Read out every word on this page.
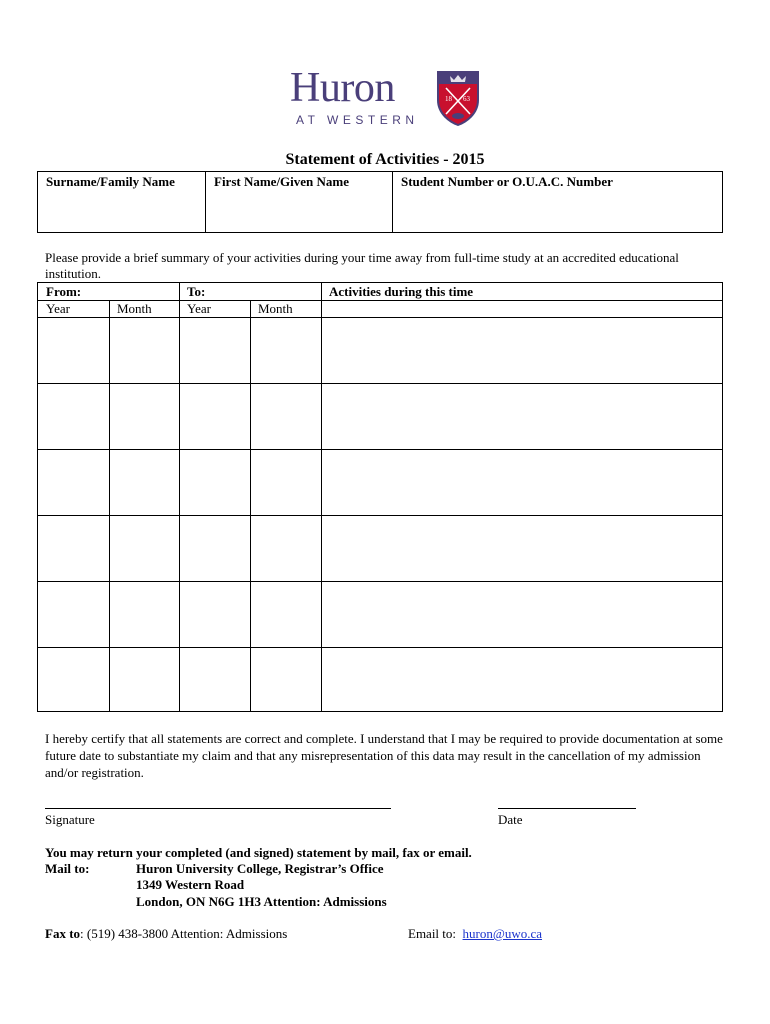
Huron
AT WESTERN
18 63
Statement of Activities - 2015
Surname/Family Name	First Name/Given Name	Student Number or O.U.A.C. Number
Please provide a brief summary of your activities during your time away from full-time study at an accredited educational institution.
From:	To:	Activities during this time
Year	Month	Year	Month
I hereby certify that all statements are correct and complete. I understand that I may be required to provide documentation at some future date to substantiate my claim and that any misrepresentation of this data may result in the cancellation of my admission and/or registration.
Signature	Date
You may return your completed (and signed) statement by mail, fax or email.
Mail to:	Huron University College, Registrar’s Office
1349 Western Road
London, ON N6G 1H3 Attention: Admissions
Fax to: (519) 438-3800 Attention: Admissions	Email to:  huron@uwo.ca
